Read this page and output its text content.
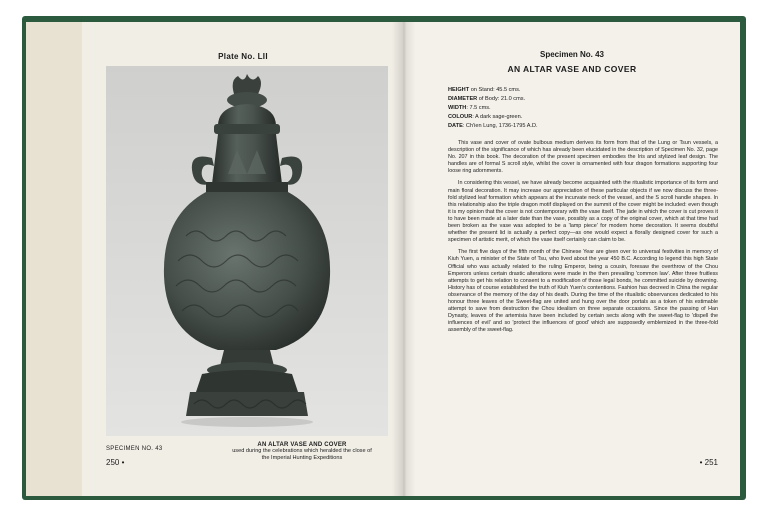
Plate No. LII
SPECIMEN NO. 43
250 •
AN ALTAR VASE AND COVER
used during the celebrations which heralded the close of
the Imperial Hunting Expeditions
Specimen No. 43
AN ALTAR VASE AND COVER
HEIGHT on Stand: 45.5 cms.
DIAMETER of Body: 21.0 cms.
WIDTH: 7.5 cms.
COLOUR: A dark sage-green.
DATE: Ch'ien Lung, 1736-1795 A.D.

This vase and cover of ovate bulbous medium derives its form from that of the Lung or Tsun vessels, a description of the significance of which has already been elucidated in the description of Specimen No. 32, page No. 207 in this book. The decoration of the present specimen embodies the Iris and stylized leaf design. The handles are of formal S scroll style, whilst the cover is ornamented with four dragon formations supporting four loose ring adornments.

In considering this vessel, we have already become acquainted with the ritualistic importance of its form and main floral decoration. It may increase our appreciation of these particular objects if we now discuss the three-fold stylized leaf formation which appears at the incurvate neck of the vessel, and the S scroll handle shapes. In this relationship also the triple dragon motif displayed on the summit of the cover might be included: even though it is my opinion that the cover is not contemporary with the vase itself. The jade in which the cover is cut proves it to have been made at a later date than the vase, possibly as a copy of the original cover, which at that time had been broken as the vase was adopted to be a 'lamp piece' for modern home decoration. It seems doubtful whether the present lid is actually a perfect copy—as one would expect a florally designed cover for such a specimen of artistic merit, of which the vase itself certainly can claim to be.

The first five days of the fifth month of the Chinese Year are given over to universal festivities in memory of Kiuh Yuen, a minister of the State of Tsu, who lived about the year 450 B.C. According to legend this high State Official who was actually related to the ruling Emperor, being a cousin, foresaw the overthrow of the Chou Emperors unless certain drastic alterations were made in the then prevailing 'common law'. After three fruitless attempts to get his relation to consent to a modification of those legal bonds, he committed suicide by drowning. History has of course established the truth of Kiuh Yuen's contentions. Fashion has decreed in China the regular observance of the memory of the day of his death. During the time of the ritualistic observances dedicated to his honour three leaves of the Sweet-flag are united and hung over the door portals as a token of his estimable attempt to save from destruction the Chou idealism on three separate occasions. Since the passing of Han Dynasty, leaves of the artemisia have been included by certain sects along with the sweet-flag to 'dispell the influences of evil' and so 'protect the influences of good' which are supposedly emblemized in the three-fold assembly of the sweet-flag.

• 251
